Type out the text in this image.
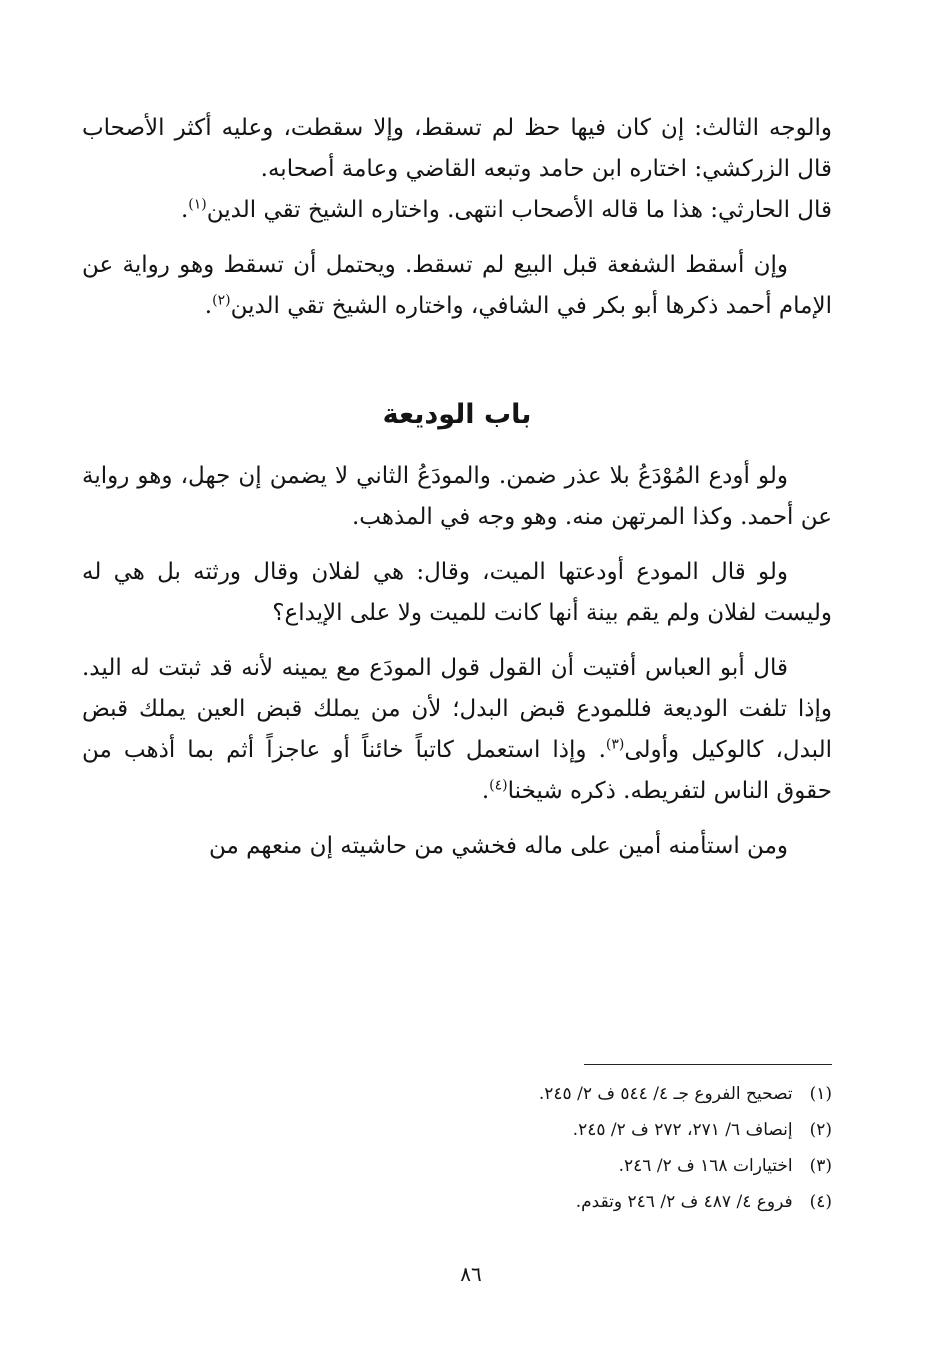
والوجه الثالث: إن كان فيها حظ لم تسقط، وإلا سقطت، وعليه أكثر الأصحاب قال الزركشي: اختاره ابن حامد وتبعه القاضي وعامة أصحابه.

قال الحارثي: هذا ما قاله الأصحاب انتهى. واختاره الشيخ تقي الدين$^{(١)}$.

وإن أسقط الشفعة قبل البيع لم تسقط. ويحتمل أن تسقط وهو رواية عن الإمام أحمد ذكرها أبو بكر في الشافي، واختاره الشيخ تقي الدين$^{(٢)}$.

باب الوديعة

ولو أودع المُوْدَعُ بلا عذر ضمن. والمودَعُ الثاني لا يضمن إن جهل، وهو رواية عن أحمد. وكذا المرتهن منه. وهو وجه في المذهب.

ولو قال المودع أودعتها الميت، وقال: هي لفلان وقال ورثته بل هي له وليست لفلان ولم يقم بينة أنها كانت للميت ولا على الإيداع؟

قال أبو العباس أفتيت أن القول قول المودَع مع يمينه لأنه قد ثبتت له اليد. وإذا تلفت الوديعة فللمودع قبض البدل؛ لأن من يملك قبض العين يملك قبض البدل، كالوكيل وأولى$^{(٣)}$. وإذا استعمل كاتباً خائناً أو عاجزاً أثم بما أذهب من حقوق الناس لتفريطه. ذكره شيخنا$^{(٤)}$.

ومن استأمنه أمين على ماله فخشي من حاشيته إن منعهم من

(١) تصحيح الفروع جـ ٤/ ٥٤٤ ف ٢/ ٢٤٥.
(٢) إنصاف ٦/ ٢٧١، ٢٧٢ ف ٢/ ٢٤٥.
(٣) اختيارات ١٦٨ ف ٢/ ٢٤٦.
(٤) فروع ٤/ ٤٨٧ ف ٢/ ٢٤٦ وتقدم.
٨٦
